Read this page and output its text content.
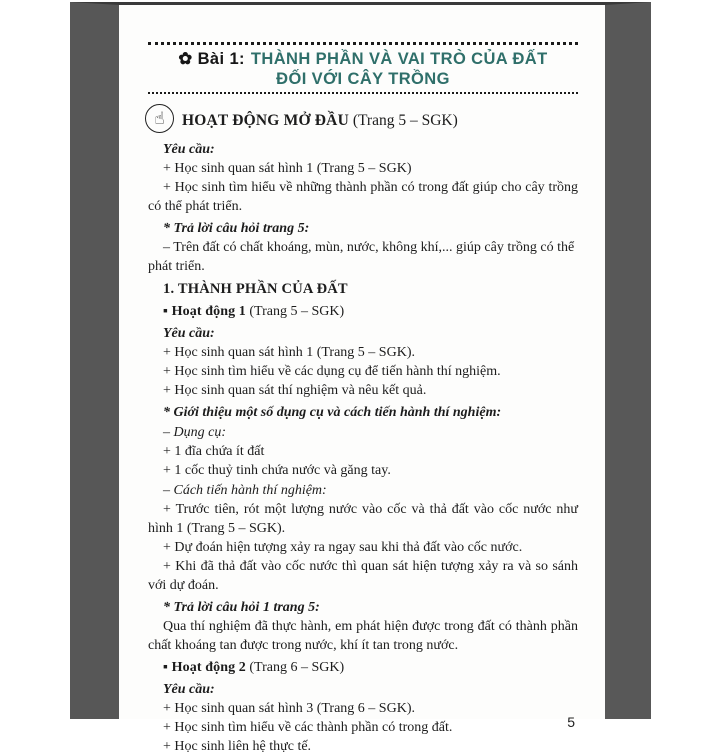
✿ Bài 1: THÀNH PHẦN VÀ VAI TRÒ CỦA ĐẤT
ĐỐI VỚI CÂY TRỒNG
☝	HOẠT ĐỘNG MỞ ĐẦU (Trang 5 – SGK)

Yêu cầu:

+ Học sinh quan sát hình 1 (Trang 5 – SGK)

+ Học sinh tìm hiểu về những thành phần có trong đất giúp cho cây trồng có thể phát triển.

* Trả lời câu hỏi trang 5:

– Trên đất có chất khoáng, mùn, nước, không khí,... giúp cây trồng có thể phát triển.

1. THÀNH PHẦN CỦA ĐẤT

▪ Hoạt động 1 (Trang 5 – SGK)

Yêu cầu:

+ Học sinh quan sát hình 1 (Trang 5 – SGK).

+ Học sinh tìm hiểu về các dụng cụ để tiến hành thí nghiệm.

+ Học sinh quan sát thí nghiệm và nêu kết quả.

* Giới thiệu một số dụng cụ và cách tiến hành thí nghiệm:

– Dụng cụ:

+ 1 đĩa chứa ít đất

+ 1 cốc thuỷ tinh chứa nước và găng tay.

– Cách tiến hành thí nghiệm:

+ Trước tiên, rót một lượng nước vào cốc và thả đất vào cốc nước như hình 1 (Trang 5 – SGK).

+ Dự đoán hiện tượng xảy ra ngay sau khi thả đất vào cốc nước.

+ Khi đã thả đất vào cốc nước thì quan sát hiện tượng xảy ra và so sánh với dự đoán.

* Trả lời câu hỏi 1 trang 5:

Qua thí nghiệm đã thực hành, em phát hiện được trong đất có thành phần chất khoáng tan được trong nước, khí ít tan trong nước.

▪ Hoạt động 2 (Trang 6 – SGK)

Yêu cầu:

+ Học sinh quan sát hình 3 (Trang 6 – SGK).

+ Học sinh tìm hiểu về các thành phần có trong đất.

+ Học sinh liên hệ thực tế.

5
